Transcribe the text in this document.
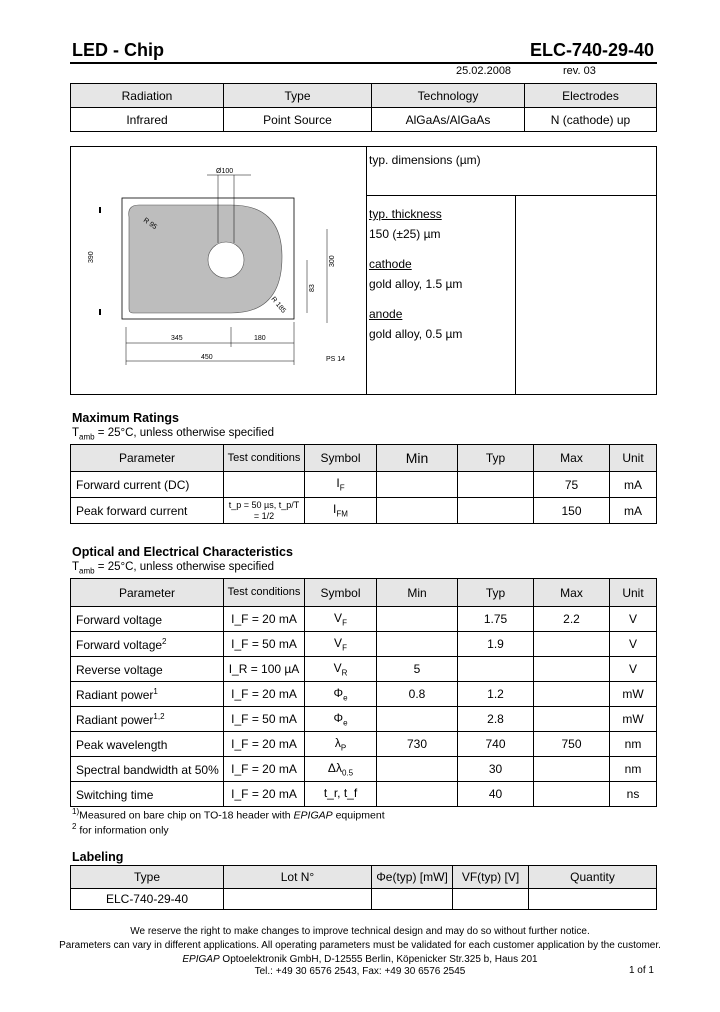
LED - Chip	ELC-740-29-40
25.02.2008	rev. 03
Radiation	Type	Technology	Electrodes
Infrared	Point Source	AlGaAs/AlGaAs	N (cathode) up
Ø100
R 95
R 185
345	180
450
390
83
300
PS 14
typ. dimensions (µm)
typ. thickness
150 (±25) µm
cathode
gold alloy, 1.5 µm
anode
gold alloy, 0.5 µm
Maximum Ratings
$T_{amb} = 25^\circ C$, unless otherwise specified
Parameter	Test conditions	Symbol	Min	Typ	Max	Unit
Forward current (DC)		$I_F$			75	mA
Peak forward current	t_p = 50 µs, t_p/T = 1/2	$I_{FM}$			150	mA
Optical and Electrical Characteristics
$T_{amb} = 25^\circ C$, unless otherwise specified
Parameter	Test conditions	Symbol	Min	Typ	Max	Unit
Forward voltage	I_F = 20 mA	$V_F$		1.75	2.2	V
Forward voltage$^2$	I_F = 50 mA	$V_F$		1.9		V
Reverse voltage	I_R = 100 µA	$V_R$	5			V
Radiant power$^1$	I_F = 20 mA	$\Phi_e$	0.8	1.2		mW
Radiant power$^{1,2}$	I_F = 50 mA	$\Phi_e$		2.8		mW
Peak wavelength	I_F = 20 mA	$\lambda_P$	730	740	750	nm
Spectral bandwidth at 50%	I_F = 20 mA	$\Delta\lambda_{0.5}$		30		nm
Switching time	I_F = 20 mA	t_r, t_f		40		ns
$^{1)}$Measured on bare chip on TO-18 header with EPIGAP equipment
$^2$ for information only
Labeling
Type	Lot N°	Φe(typ) [mW]	VF(typ) [V]	Quantity
ELC-740-29-40				
We reserve the right to make changes to improve technical design and may do so without further notice.
Parameters can vary in different applications. All operating parameters must be validated for each customer application by the customer.
EPIGAP Optoelektronik GmbH, D-12555 Berlin, Köpenicker Str.325 b, Haus 201
Tel.: +49 30 6576 2543, Fax: +49 30 6576 2545	1 of 1
